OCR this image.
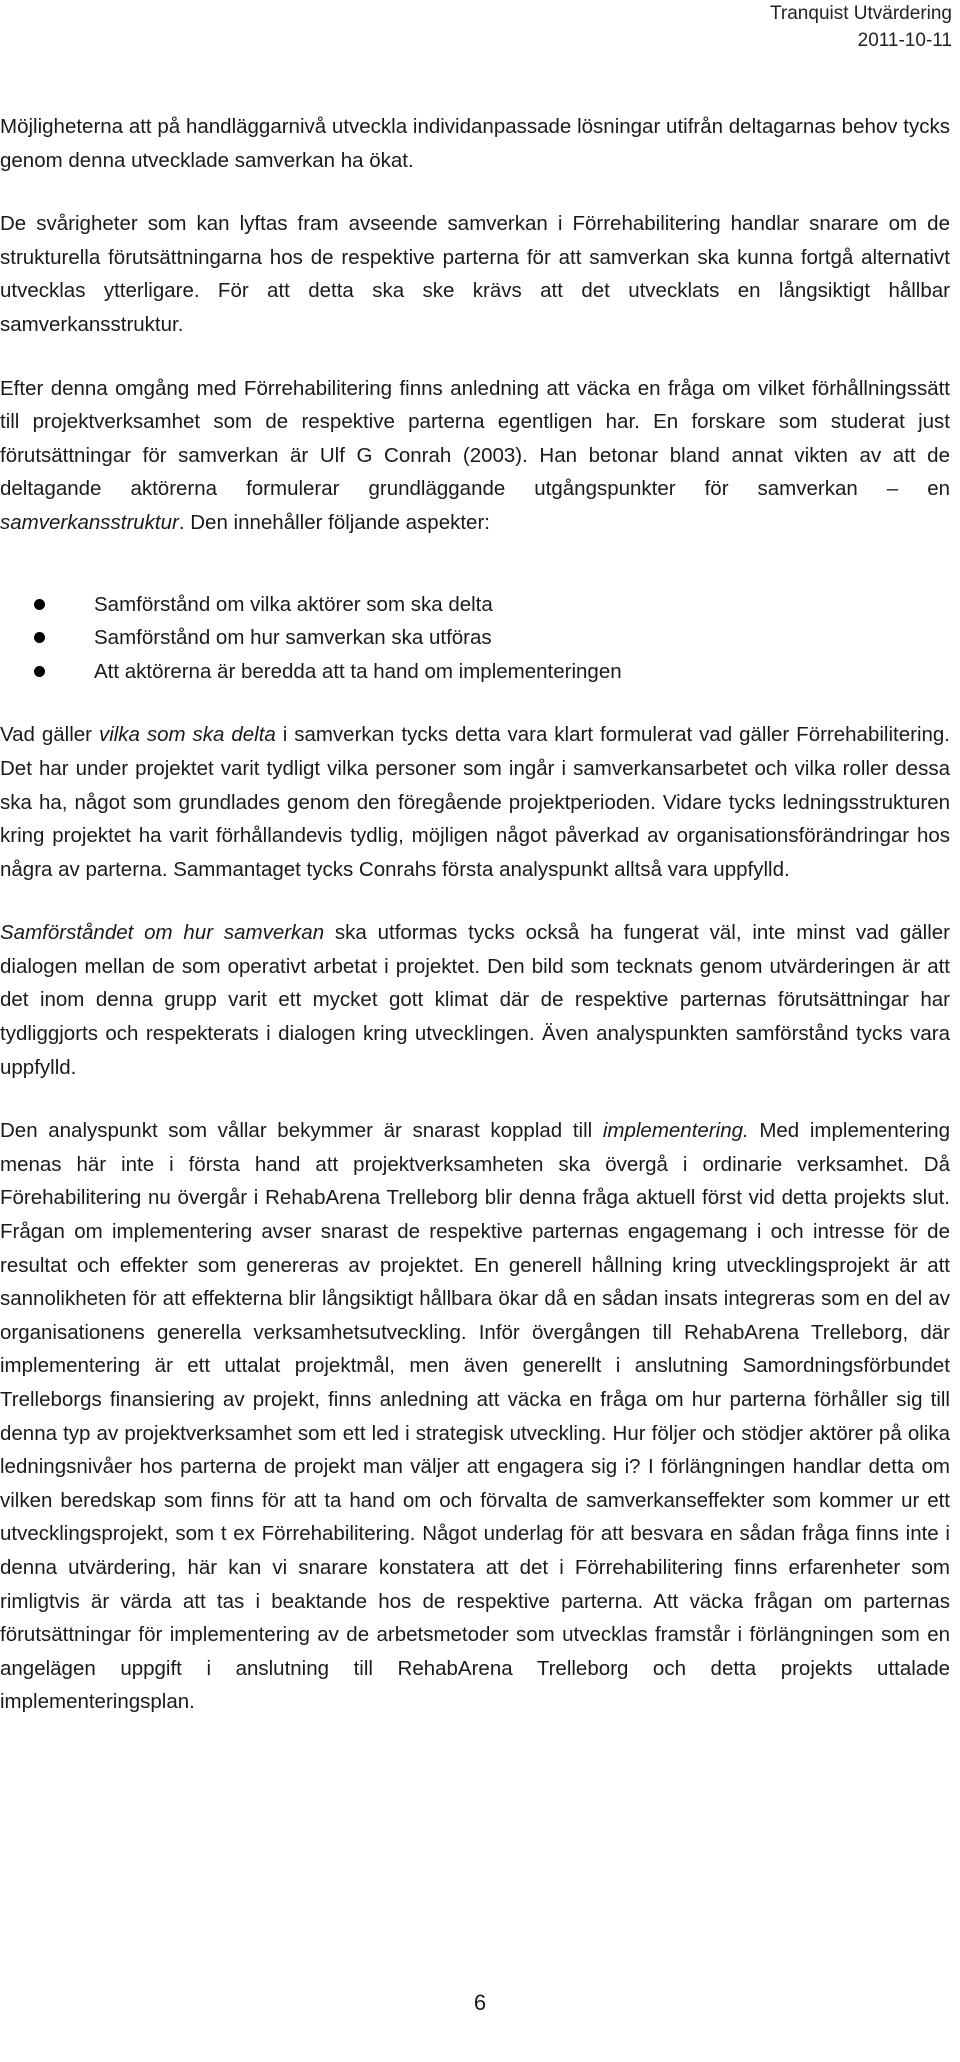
Tranquist Utvärdering
2011-10-11

Möjligheterna att på handläggarnivå utveckla individanpassade lösningar utifrån deltagarnas behov tycks genom denna utvecklade samverkan ha ökat.

De svårigheter som kan lyftas fram avseende samverkan i Förrehabilitering handlar snarare om de strukturella förutsättningarna hos de respektive parterna för att samverkan ska kunna fortgå alternativt utvecklas ytterligare. För att detta ska ske krävs att det utvecklats en långsiktigt hållbar samverkansstruktur.

Efter denna omgång med Förrehabilitering finns anledning att väcka en fråga om vilket förhållningssätt till projektverksamhet som de respektive parterna egentligen har. En forskare som studerat just förutsättningar för samverkan är Ulf G Conrah (2003). Han betonar bland annat vikten av att de deltagande aktörerna formulerar grundläggande utgångspunkter för samverkan – en samverkansstruktur. Den innehåller följande aspekter:

Samförstånd om vilka aktörer som ska delta
Samförstånd om hur samverkan ska utföras
Att aktörerna är beredda att ta hand om implementeringen

Vad gäller vilka som ska delta i samverkan tycks detta vara klart formulerat vad gäller Förrehabilitering. Det har under projektet varit tydligt vilka personer som ingår i samverkansarbetet och vilka roller dessa ska ha, något som grundlades genom den föregående projektperioden. Vidare tycks ledningsstrukturen kring projektet ha varit förhållandevis tydlig, möjligen något påverkad av organisationsförändringar hos några av parterna. Sammantaget tycks Conrahs första analyspunkt alltså vara uppfylld.

Samförståndet om hur samverkan ska utformas tycks också ha fungerat väl, inte minst vad gäller dialogen mellan de som operativt arbetat i projektet. Den bild som tecknats genom utvärderingen är att det inom denna grupp varit ett mycket gott klimat där de respektive parternas förutsättningar har tydliggjorts och respekterats i dialogen kring utvecklingen. Även analyspunkten samförstånd tycks vara uppfylld.

Den analyspunkt som vållar bekymmer är snarast kopplad till implementering. Med implementering menas här inte i första hand att projektverksamheten ska övergå i ordinarie verksamhet. Då Förehabilitering nu övergår i RehabArena Trelleborg blir denna fråga aktuell först vid detta projekts slut. Frågan om implementering avser snarast de respektive parternas engagemang i och intresse för de resultat och effekter som genereras av projektet. En generell hållning kring utvecklingsprojekt är att sannolikheten för att effekterna blir långsiktigt hållbara ökar då en sådan insats integreras som en del av organisationens generella verksamhetsutveckling. Inför övergången till RehabArena Trelleborg, där implementering är ett uttalat projektmål, men även generellt i anslutning Samordningsförbundet Trelleborgs finansiering av projekt, finns anledning att väcka en fråga om hur parterna förhåller sig till denna typ av projektverksamhet som ett led i strategisk utveckling. Hur följer och stödjer aktörer på olika ledningsnivåer hos parterna de projekt man väljer att engagera sig i? I förlängningen handlar detta om vilken beredskap som finns för att ta hand om och förvalta de samverkanseffekter som kommer ur ett utvecklingsprojekt, som t ex Förrehabilitering. Något underlag för att besvara en sådan fråga finns inte i denna utvärdering, här kan vi snarare konstatera att det i Förrehabilitering finns erfarenheter som rimligtvis är värda att tas i beaktande hos de respektive parterna. Att väcka frågan om parternas förutsättningar för implementering av de arbetsmetoder som utvecklas framstår i förlängningen som en angelägen uppgift i anslutning till RehabArena Trelleborg och detta projekts uttalade implementeringsplan.

6
